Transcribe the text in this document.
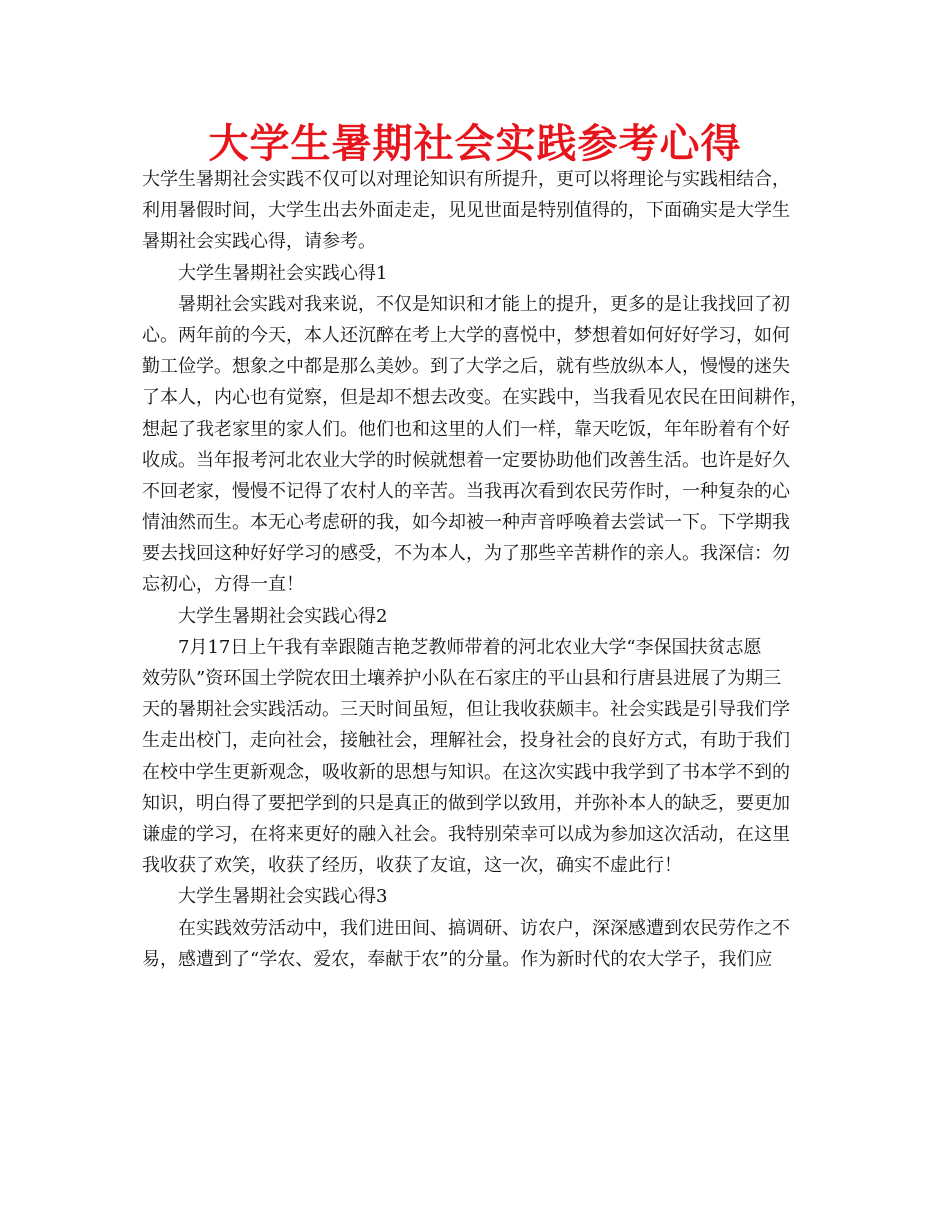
大学生暑期社会实践参考心得
大学生暑期社会实践不仅可以对理论知识有所提升，更可以将理论与实践相结合，
利用暑假时间，大学生出去外面走走，见见世面是特别值得的，下面确实是大学生
暑期社会实践心得，请参考。
大学生暑期社会实践心得1
暑期社会实践对我来说，不仅是知识和才能上的提升，更多的是让我找回了初
心。两年前的今天，本人还沉醉在考上大学的喜悦中，梦想着如何好好学习，如何
勤工俭学。想象之中都是那么美妙。到了大学之后，就有些放纵本人，慢慢的迷失
了本人，内心也有觉察，但是却不想去改变。在实践中，当我看见农民在田间耕作，
想起了我老家里的家人们。他们也和这里的人们一样，靠天吃饭，年年盼着有个好
收成。当年报考河北农业大学的时候就想着一定要协助他们改善生活。也许是好久
不回老家，慢慢不记得了农村人的辛苦。当我再次看到农民劳作时，一种复杂的心
情油然而生。本无心考虑研的我，如今却被一种声音呼唤着去尝试一下。下学期我
要去找回这种好好学习的感受，不为本人，为了那些辛苦耕作的亲人。我深信：勿
忘初心，方得一直！
大学生暑期社会实践心得2
7月17日上午我有幸跟随吉艳芝教师带着的河北农业大学“李保国扶贫志愿
效劳队”资环国土学院农田土壤养护小队在石家庄的平山县和行唐县进展了为期三
天的暑期社会实践活动。三天时间虽短，但让我收获颇丰。社会实践是引导我们学
生走出校门，走向社会，接触社会，理解社会，投身社会的良好方式，有助于我们
在校中学生更新观念，吸收新的思想与知识。在这次实践中我学到了书本学不到的
知识，明白得了要把学到的只是真正的做到学以致用，并弥补本人的缺乏，要更加
谦虚的学习，在将来更好的融入社会。我特别荣幸可以成为参加这次活动，在这里
我收获了欢笑，收获了经历，收获了友谊，这一次，确实不虚此行！
大学生暑期社会实践心得3
在实践效劳活动中，我们进田间、搞调研、访农户，深深感遭到农民劳作之不
易，感遭到了“学农、爱农，奉献于农”的分量。作为新时代的农大学子，我们应
